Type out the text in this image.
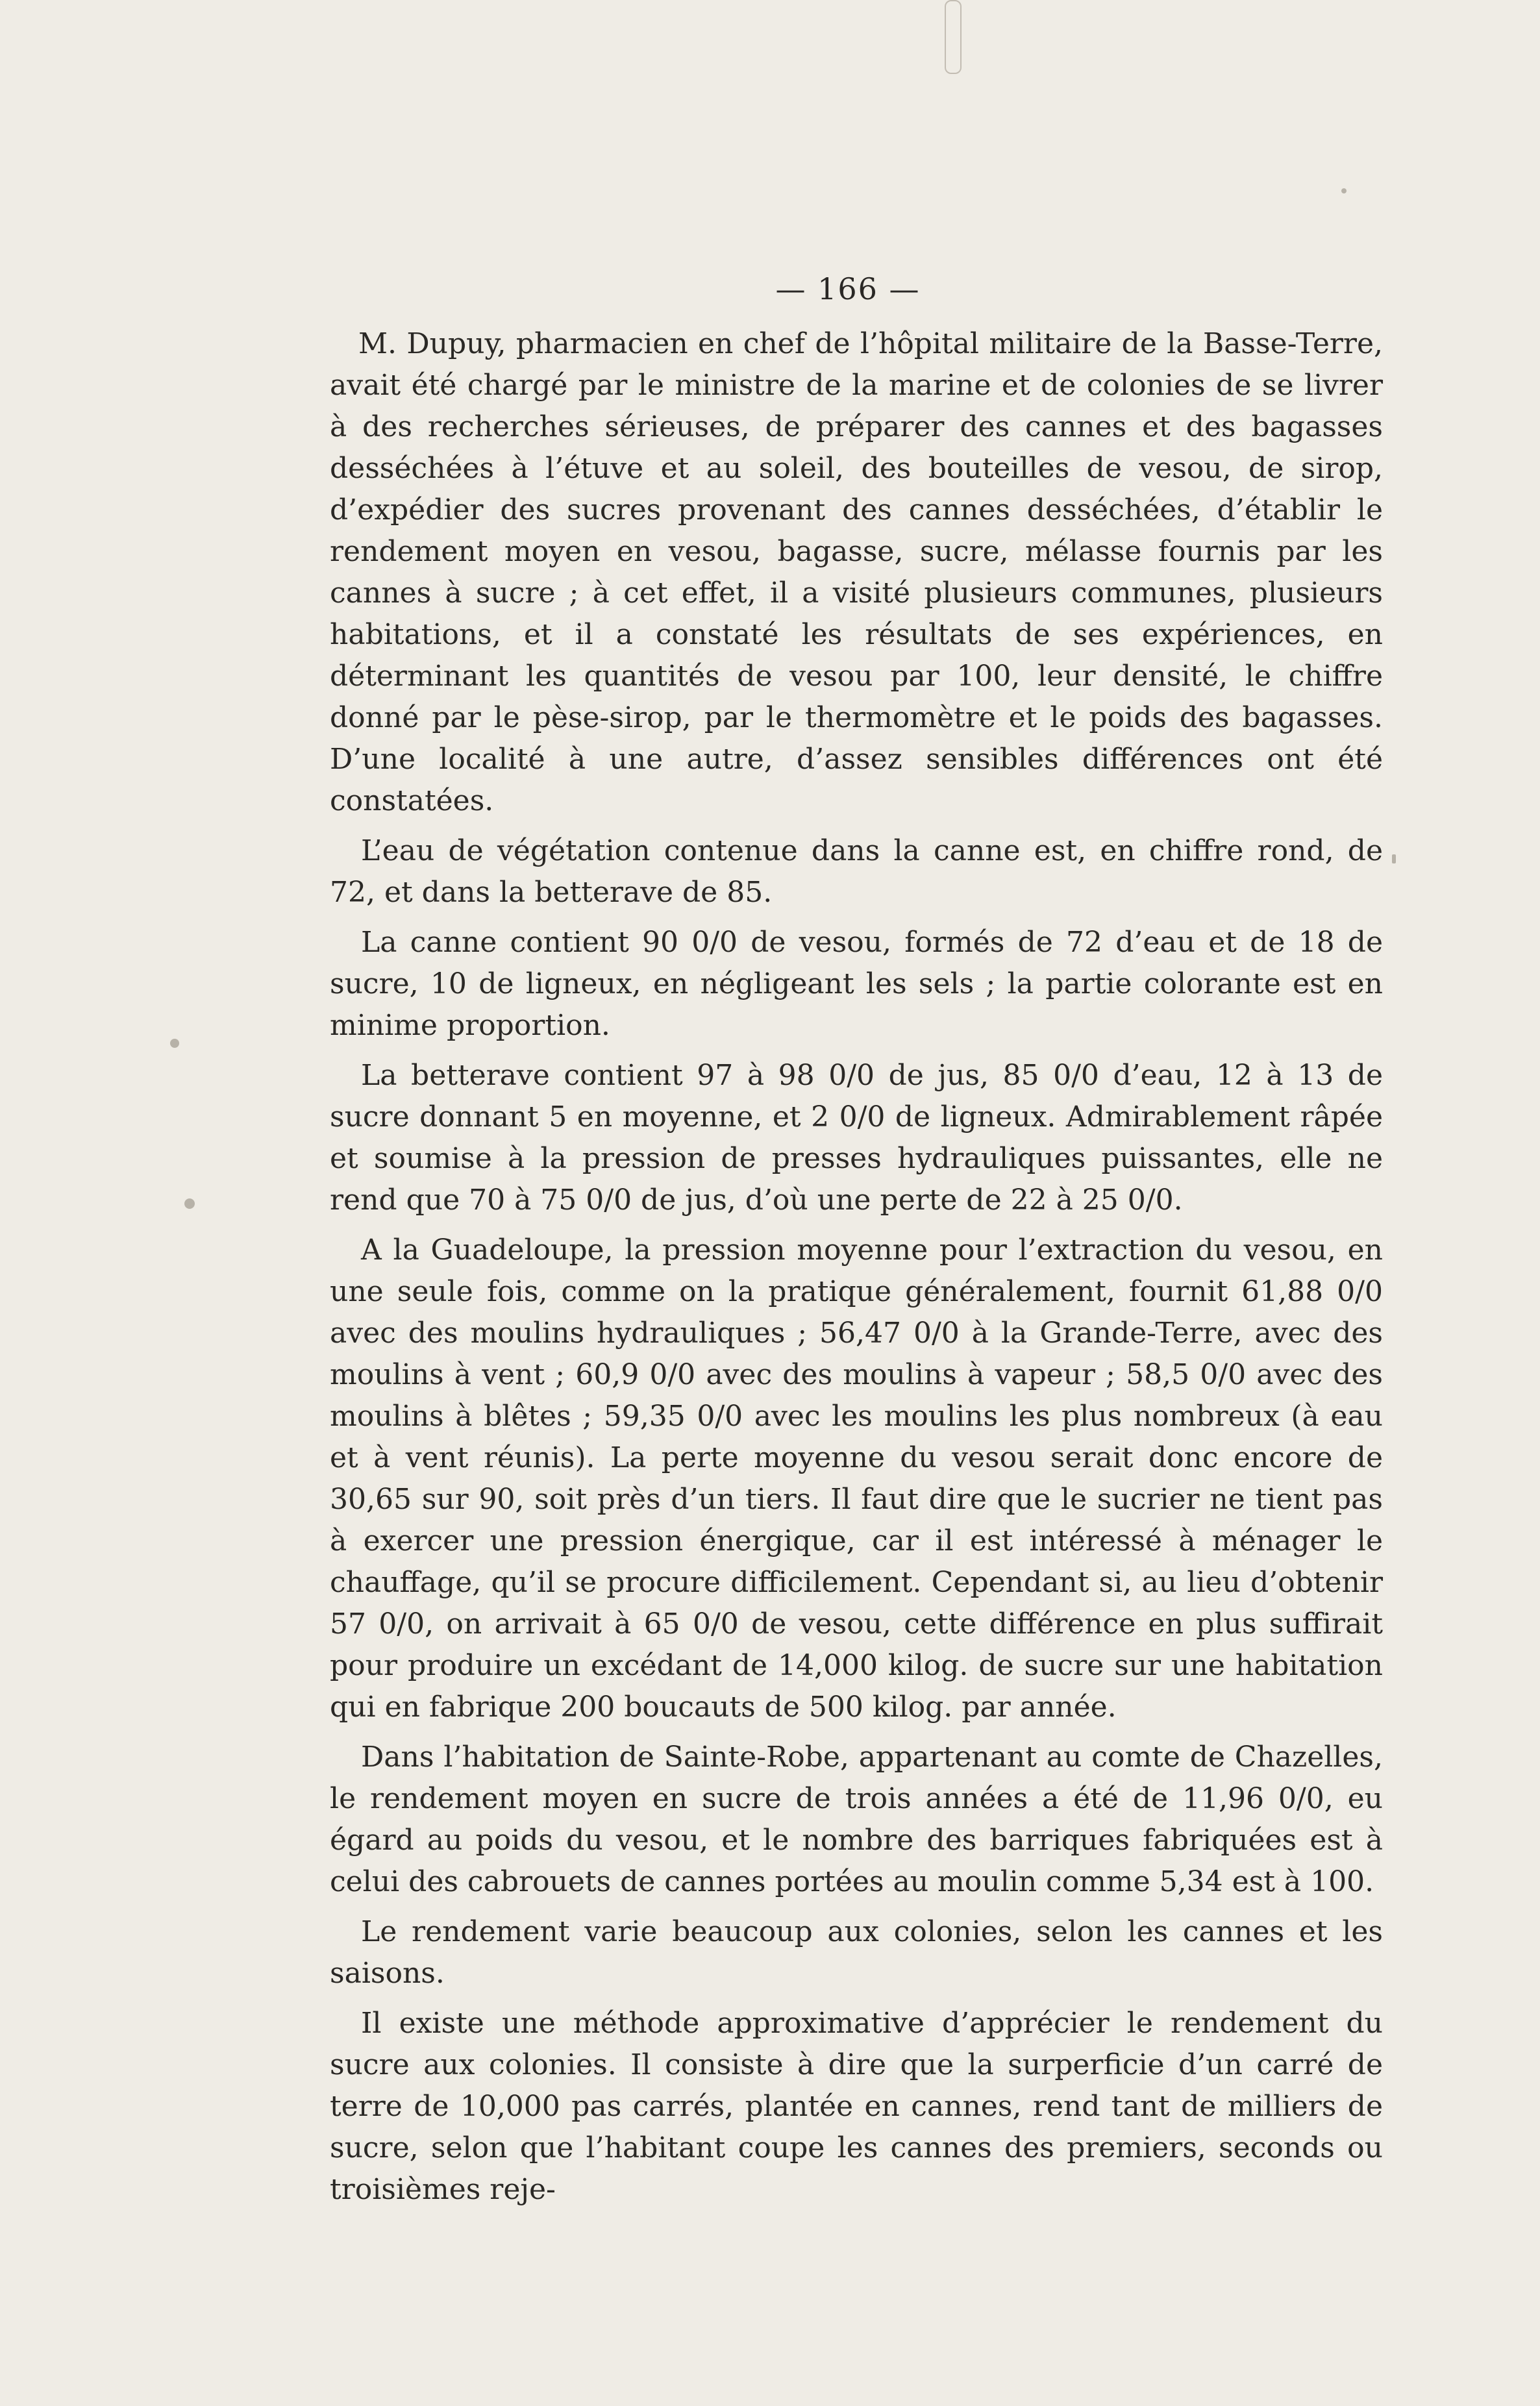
— 166 —

M. Dupuy, pharmacien en chef de l’hôpital militaire de la Basse-Terre, avait été chargé par le ministre de la marine et de colonies de se livrer à des recherches sérieuses, de préparer des cannes et des bagasses desséchées à l’étuve et au soleil, des bouteilles de vesou, de sirop, d’expédier des sucres provenant des cannes desséchées, d’établir le rendement moyen en vesou, bagasse, sucre, mélasse fournis par les cannes à sucre ; à cet effet, il a visité plusieurs communes, plusieurs habitations, et il a constaté les résultats de ses expériences, en déterminant les quantités de vesou par 100, leur densité, le chiffre donné par le pèse-sirop, par le thermomètre et le poids des bagasses. D’une localité à une autre, d’assez sensibles différences ont été constatées.

L’eau de végétation contenue dans la canne est, en chiffre rond, de 72, et dans la betterave de 85.

La canne contient 90 0/0 de vesou, formés de 72 d’eau et de 18 de sucre, 10 de ligneux, en négligeant les sels ; la partie colorante est en minime proportion.

La betterave contient 97 à 98 0/0 de jus, 85 0/0 d’eau, 12 à 13 de sucre donnant 5 en moyenne, et 2 0/0 de ligneux. Admirablement râpée et soumise à la pression de presses hydrauliques puissantes, elle ne rend que 70 à 75 0/0 de jus, d’où une perte de 22 à 25 0/0.

A la Guadeloupe, la pression moyenne pour l’extraction du vesou, en une seule fois, comme on la pratique généralement, fournit 61,88 0/0 avec des moulins hydrauliques ; 56,47 0/0 à la Grande-Terre, avec des moulins à vent ; 60,9 0/0 avec des moulins à vapeur ; 58,5 0/0 avec des moulins à blêtes ; 59,35 0/0 avec les moulins les plus nombreux (à eau et à vent réunis). La perte moyenne du vesou serait donc encore de 30,65 sur 90, soit près d’un tiers. Il faut dire que le sucrier ne tient pas à exercer une pression énergique, car il est intéressé à ménager le chauffage, qu’il se procure difficilement. Cependant si, au lieu d’obtenir 57 0/0, on arrivait à 65 0/0 de vesou, cette différence en plus suffirait pour produire un excédant de 14,000 kilog. de sucre sur une habitation qui en fabrique 200 boucauts de 500 kilog. par année.

Dans l’habitation de Sainte-Robe, appartenant au comte de Chazelles, le rendement moyen en sucre de trois années a été de 11,96 0/0, eu égard au poids du vesou, et le nombre des barriques fabriquées est à celui des cabrouets de cannes portées au moulin comme 5,34 est à 100.

Le rendement varie beaucoup aux colonies, selon les cannes et les saisons.

Il existe une méthode approximative d’apprécier le rendement du sucre aux colonies. Il consiste à dire que la surperficie d’un carré de terre de 10,000 pas carrés, plantée en cannes, rend tant de milliers de sucre, selon que l’habitant coupe les cannes des premiers, seconds ou troisièmes reje-
